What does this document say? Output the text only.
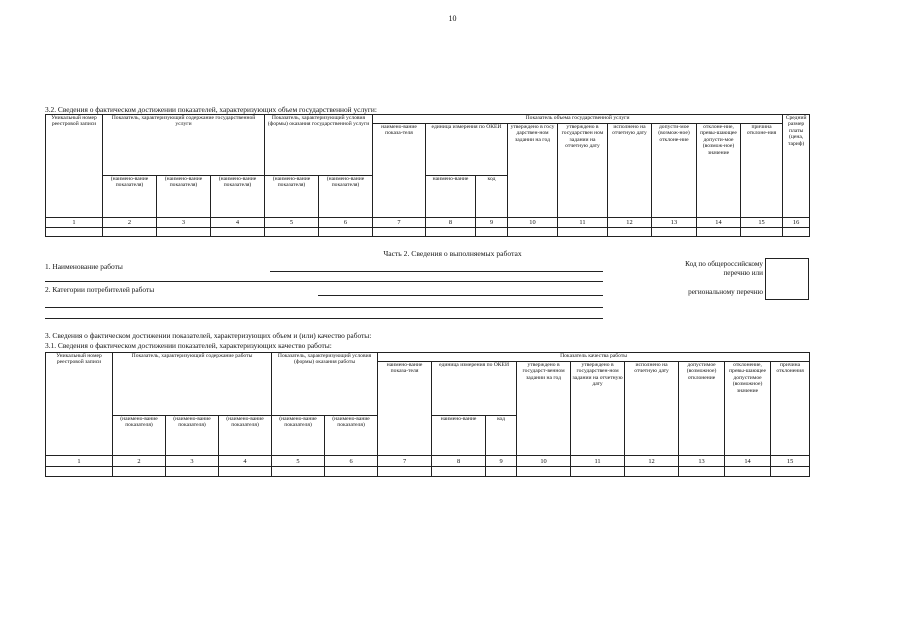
10
3.2. Сведения о фактическом достижении показателей, характеризующих объем государственной услуги:
Уникальный номер реестровой записи	Показатель, характеризующий содержание государственной услуги			Показатель, характеризующий условия (формы) оказания государственной услуги		Показатель объема государственной услуги									Средний размер платы (цена, тариф)
						наимено-вание показа-теля	единица измерения по ОКЕИ		утверждено в госу дарствен-ном задании на год	утверждено в государствен ном задании на отчетную дату	исполнено на отчетную дату	допусти-мое (возмож-ное) отклоне-ние	отклоне-ние, превы-шающее допусти-мое (возмож-ное) значение	причина отклоне-ния	
	(наимено-вание показателя)	(наимено-вание показателя)	(наимено-вание показателя)	(наимено-вание показателя)	(наимено-вание показателя)		наимено-вание	код							
1	2	3	4	5	6	7	8	9	10	11	12	13	14	15	16

Часть 2. Сведения о выполняемых работах
1. Наименование работы
2. Категории потребителей работы
Код по общероссийскому
перечню или
региональному перечню
3. Сведения о фактическом достижении показателей, характеризующих объем и (или) качество работы:
3.1. Сведения о фактическом достижении показателей, характеризующих качество работы:
Уникальный номер реестровой записи	Показатель, характеризующий содержание работы			Показатель, характеризующий условия (формы) оказания работы		Показатель качества работы								
						наимено-вание показа-теля	единица измерения по ОКЕИ		утверждено в государст-венном задании на год	утверждено в государствен-ном задании на отчетную дату	исполнено на отчетную дату	допустимое (возможное) отклонение	отклонение, превы-шающее допустимое (возможное) значение	причина отклонения
	(наимено-вание показателя)	(наимено-вание показателя)	(наимено-вание показателя)	(наимено-вание показателя)	(наимено-вание показателя)		наимено-вание	код						
1	2	3	4	5	6	7	8	9	10	11	12	13	14	15
